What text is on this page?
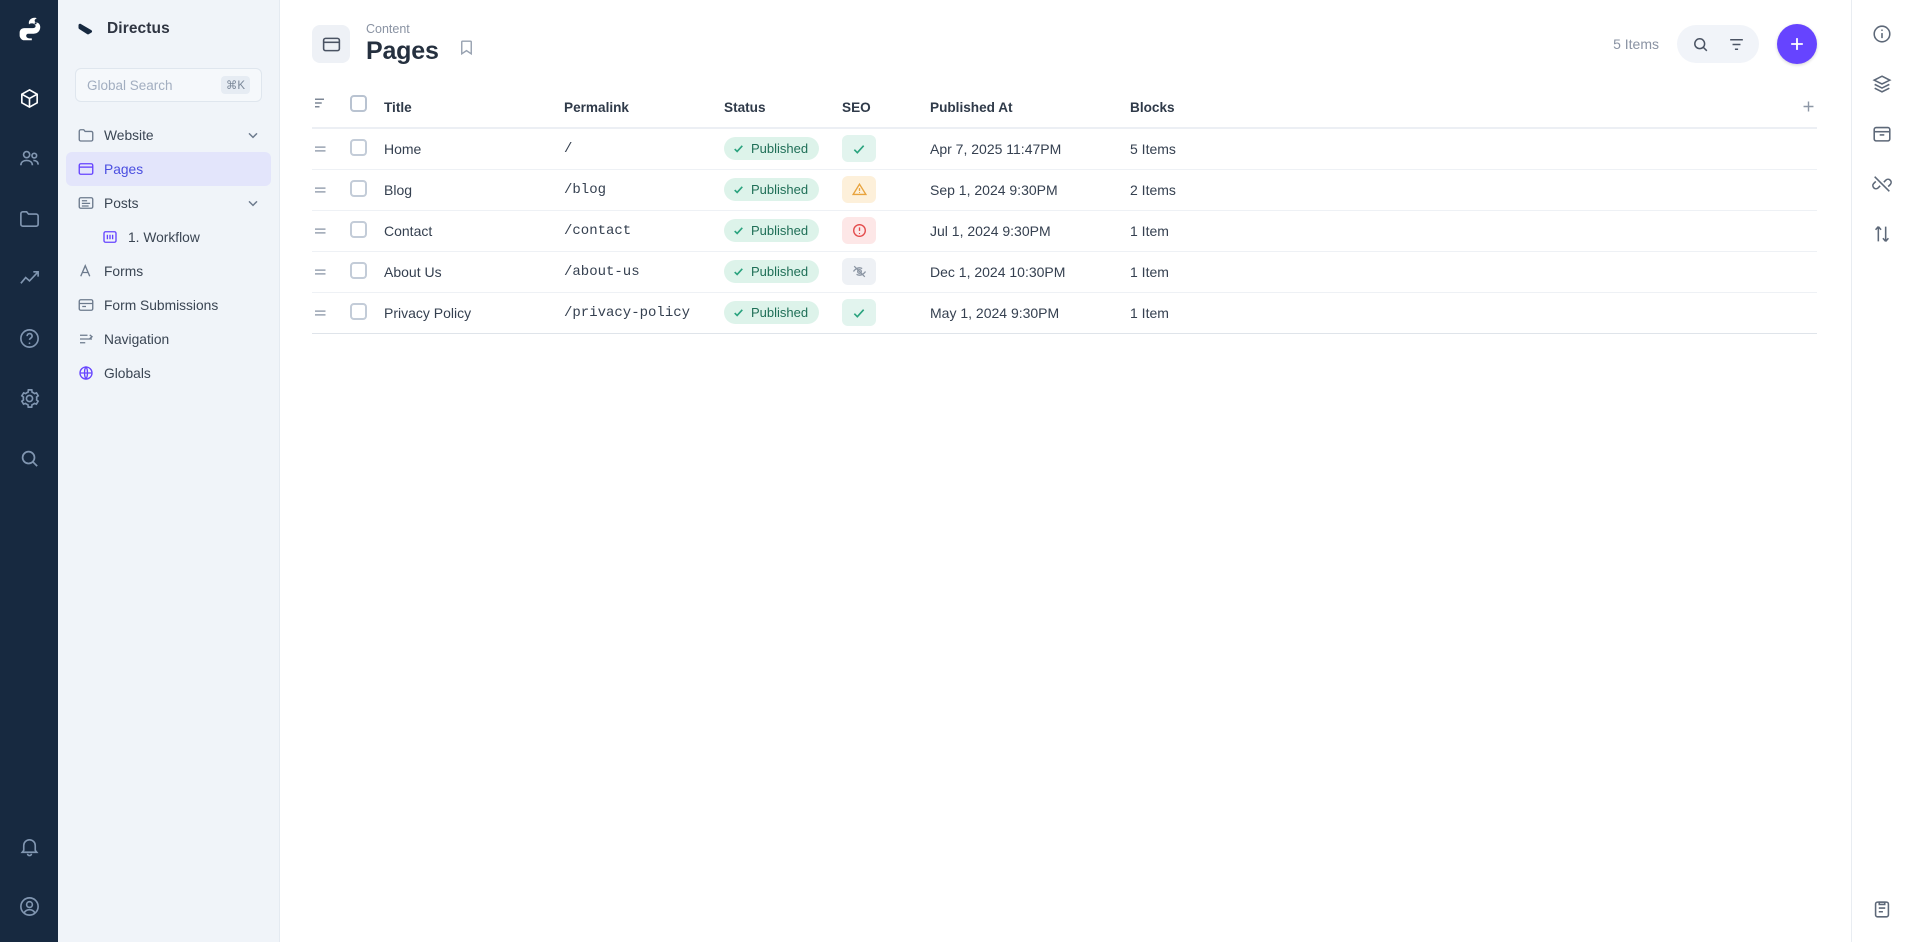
Directus
Global Search	⌘K
Website
Pages
Posts
1. Workflow
Forms
Form Submissions
Navigation
Globals
Content
Pages	5 Items
		Title	Permalink	Status	SEO	Published At	Blocks		

		Home	/	Published		Apr 7, 2025 11:47PM	5 Items		

		Blog	/blog	Published		Sep 1, 2024 9:30PM	2 Items		

		Contact	/contact	Published		Jul 1, 2024 9:30PM	1 Item		

		About Us	/about-us	Published		Dec 1, 2024 10:30PM	1 Item		

		Privacy Policy	/privacy-policy	Published		May 1, 2024 9:30PM	1 Item		
